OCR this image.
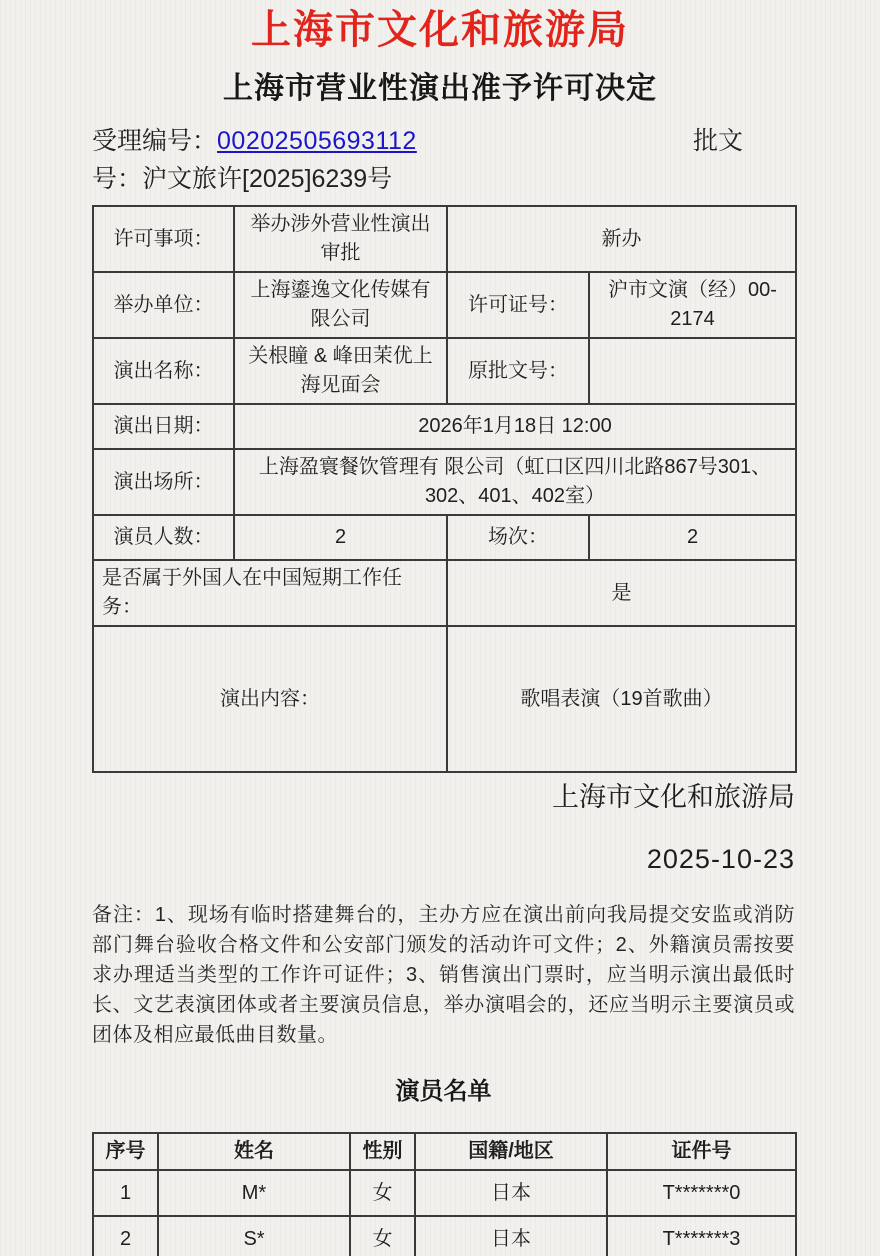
上海市文化和旅游局
上海市营业性演出准予许可决定
受理编号：00202505693112	批文
号：沪文旅许[2025]6239号
许可事项：	举办涉外营业性演出审批	新办	
举办单位：	上海鎏逸文化传媒有限公司	许可证号：	沪市文演（经）00-2174
演出名称：	关根瞳 & 峰田茉优上海见面会	原批文号：	
演出日期：	2026年1月18日 12:00		
演出场所：	上海盈寰餐饮管理有 限公司（虹口区四川北路867号301、302、401、402室）		
演员人数：	2	场次：	2
是否属于外国人在中国短期工作任务：		是	
演出内容：		歌唱表演（19首歌曲）	
上海市文化和旅游局
2025-10-23
备注：1、现场有临时搭建舞台的，主办方应在演出前向我局提交安监或消防部门舞台验收合格文件和公安部门颁发的活动许可文件；2、外籍演员需按要求办理适当类型的工作许可证件；3、销售演出门票时，应当明示演出最低时长、文艺表演团体或者主要演员信息，举办演唱会的，还应当明示主要演员或团体及相应最低曲目数量。
演员名单
序号	姓名	性别	国籍/地区	证件号
1	M*	女	日本	T*******0
2	S*	女	日本	T*******3
